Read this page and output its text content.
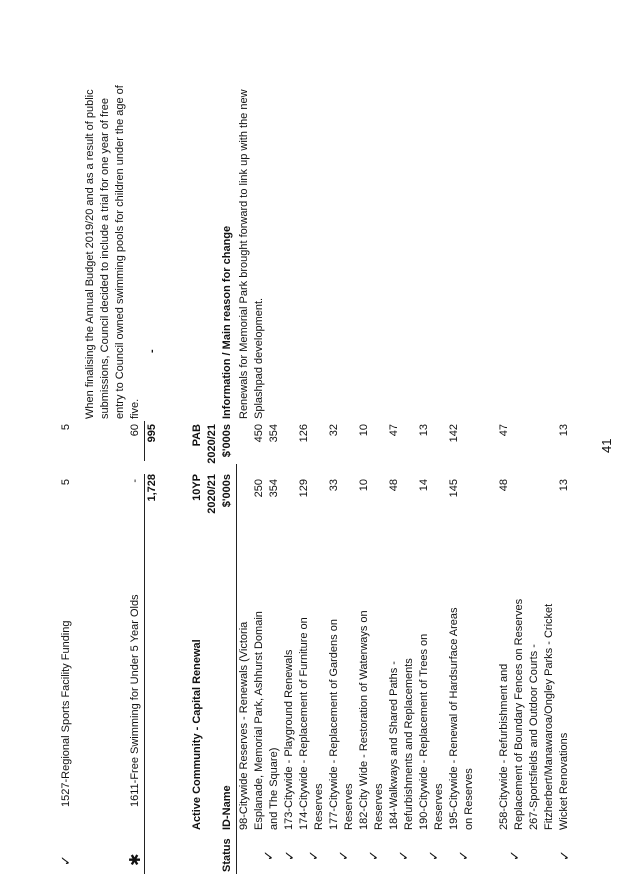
✓
1527-Regional Sports Facility Funding
5
5
When finalising the Annual Budget 2019/20 and as a result of public submissions, Council decided to include a trial for one year of free entry to Council owned swimming pools for children under the age of five.
✱
1611-Free Swimming for Under 5 Year Olds
-
60
1,728
995
-
Active Community - Capital Renewal
10YP 2020/21 $'000s
PAB 2020/21 $'000s
Status
ID-Name
Information / Main reason for change
✓
98-Citywide Reserves - Renewals (Victoria Esplanade, Memorial Park, Ashhurst Domain and The Square)
250
450
Renewals for Memorial Park brought forward to link up with the new Splashpad development.
✓
173-Citywide - Playground Renewals
354
354
✓
174-Citywide - Replacement of Furniture on Reserves
129
126
✓
177-Citywide - Replacement of Gardens on Reserves
33
32
✓
182-City Wide - Restoration of Waterways on Reserves
10
10
✓
184-Walkways and Shared Paths - Refurbishments and Replacements
48
47
✓
190-Citywide - Replacement of Trees on Reserves
14
13
✓
195-Citywide - Renewal of Hardsurface Areas on Reserves
145
142
✓
258-Citywide - Refurbishment and Replacement of Boundary Fences on Reserves
48
47
✓
267-Sportsfields and Outdoor Courts - Fitzherbert/Manawaroa/Ongley Parks - Cricket Wicket Renovations
13
13
41
